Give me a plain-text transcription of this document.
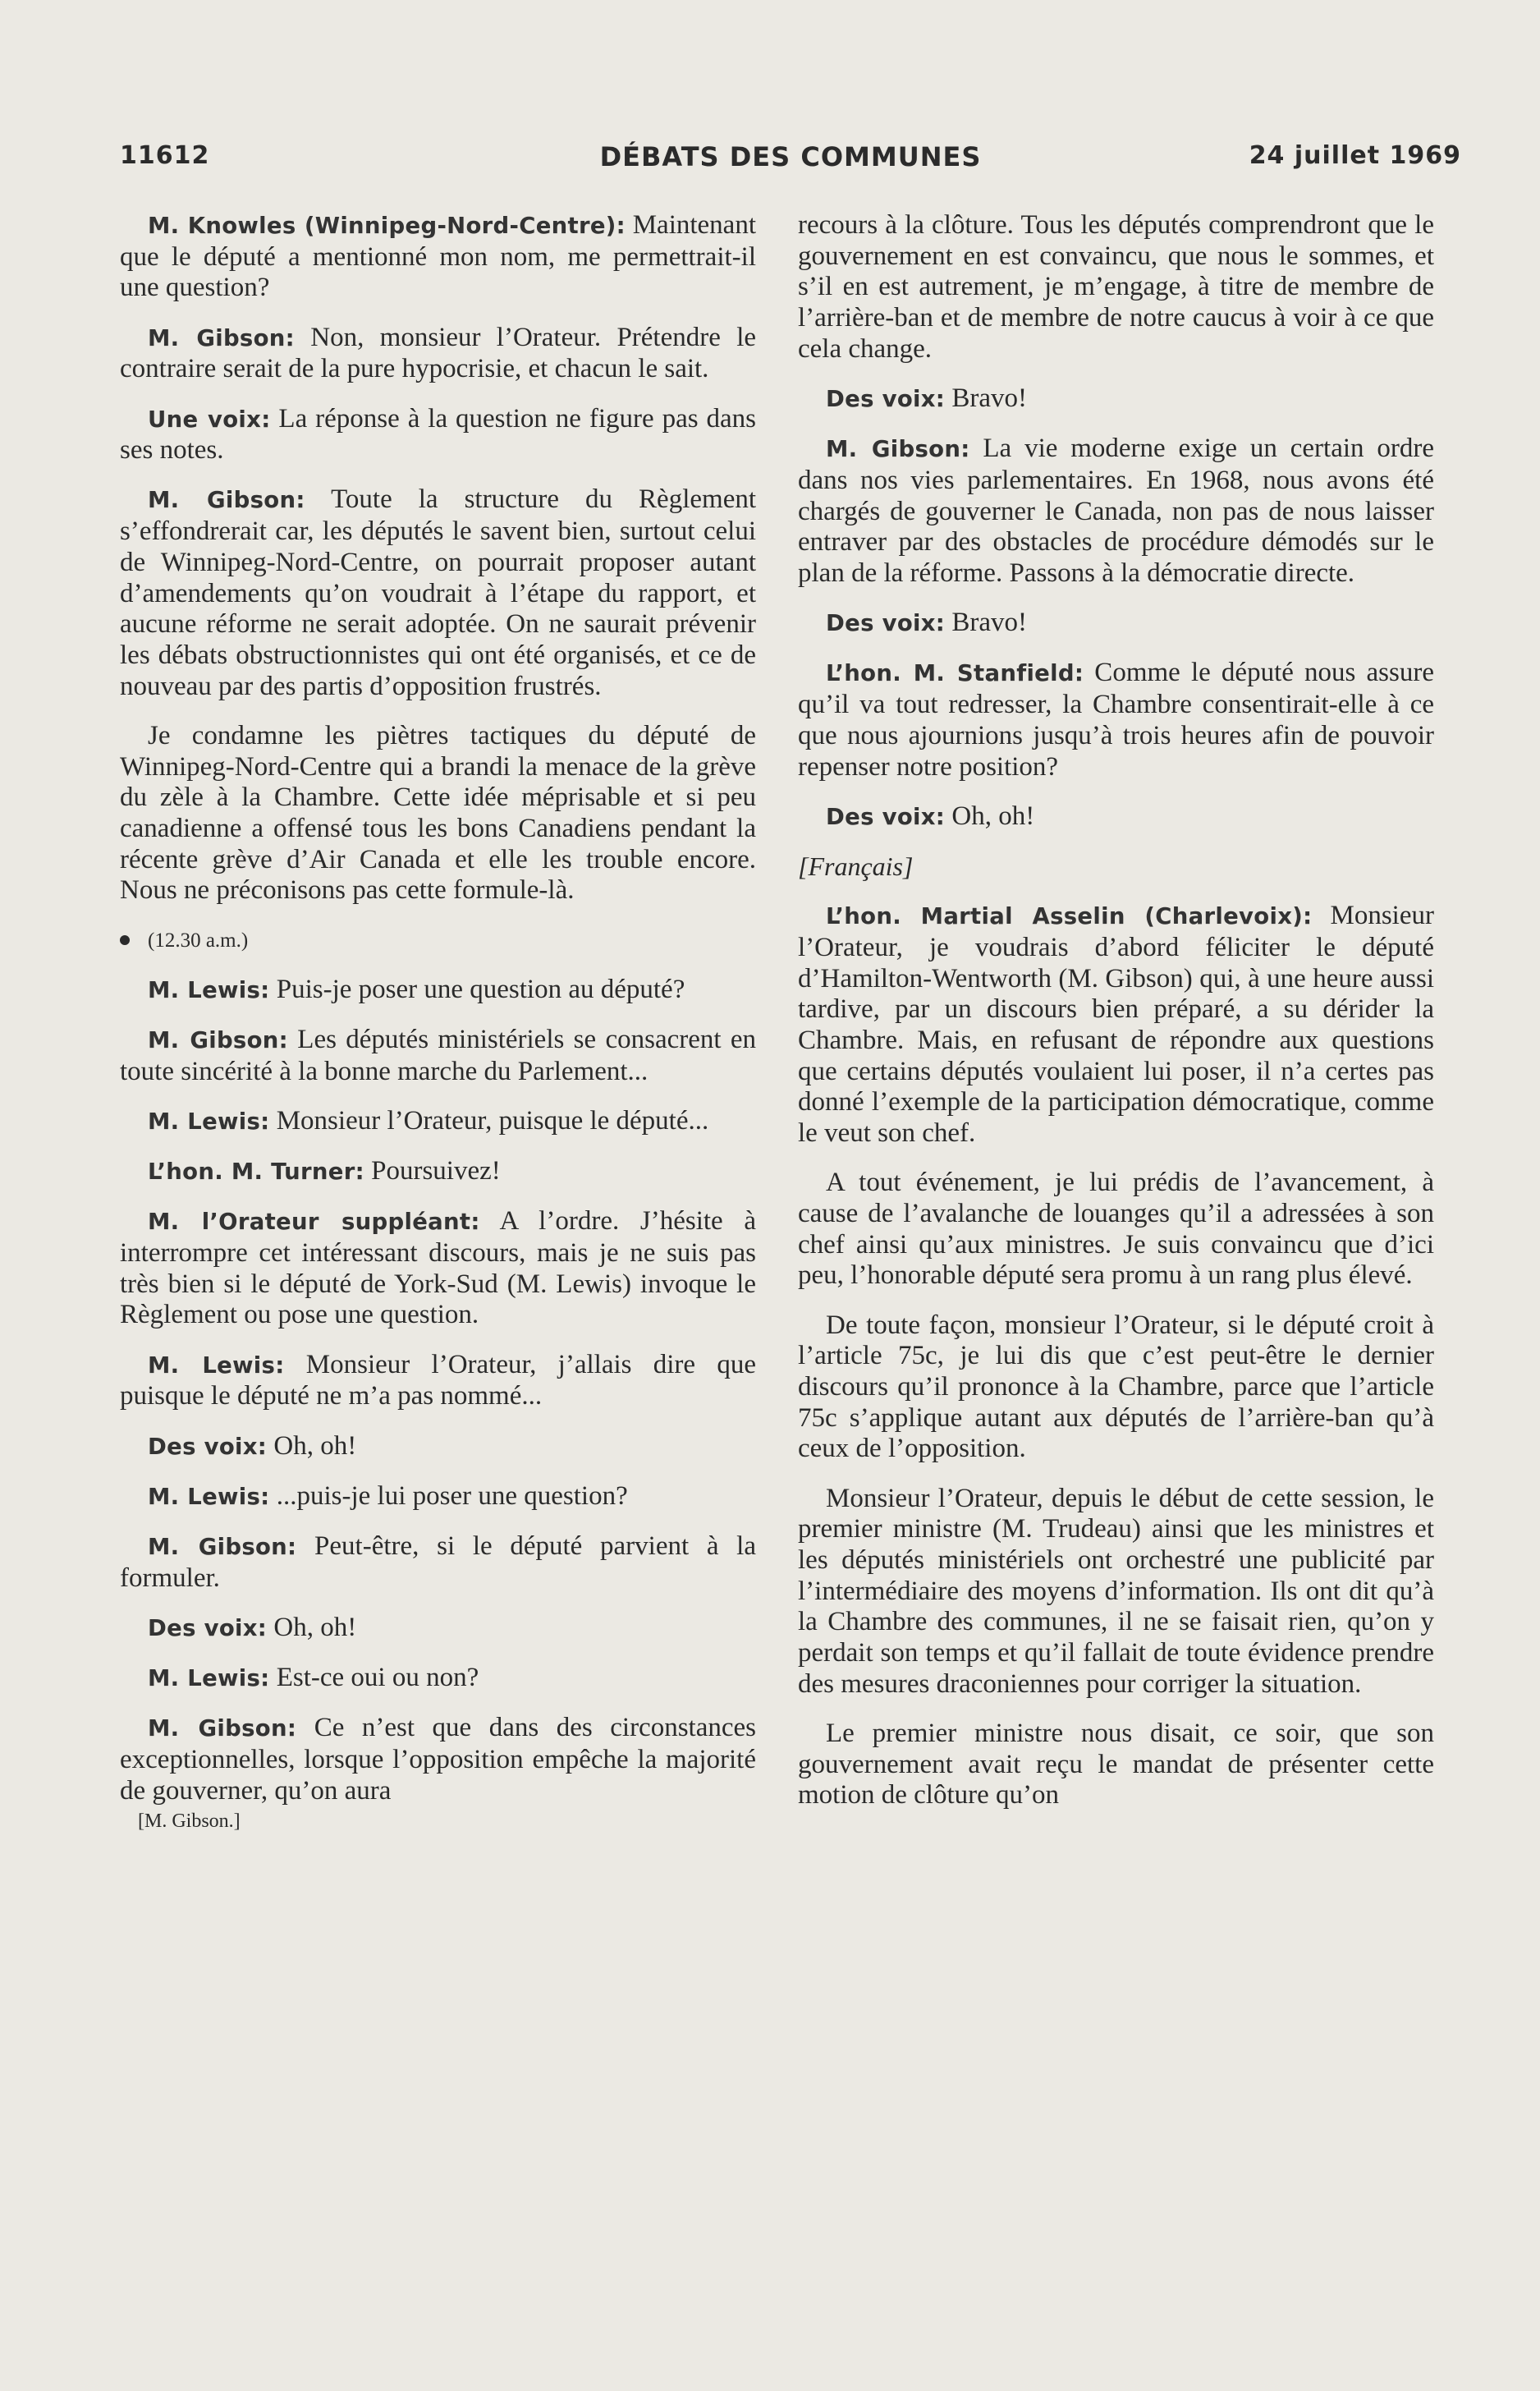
11612	DÉBATS DES COMMUNES	24 juillet 1969

M. Knowles (Winnipeg-Nord-Centre): Maintenant que le député a mentionné mon nom, me permettrait-il une question?

M. Gibson: Non, monsieur l’Orateur. Prétendre le contraire serait de la pure hypocrisie, et chacun le sait.

Une voix: La réponse à la question ne figure pas dans ses notes.

M. Gibson: Toute la structure du Règlement s’effondrerait car, les députés le savent bien, surtout celui de Winnipeg-Nord-Centre, on pourrait proposer autant d’amendements qu’on voudrait à l’étape du rapport, et aucune réforme ne serait adoptée. On ne saurait prévenir les débats obstructionnistes qui ont été organisés, et ce de nouveau par des partis d’opposition frustrés.

Je condamne les piètres tactiques du député de Winnipeg-Nord-Centre qui a brandi la menace de la grève du zèle à la Chambre. Cette idée méprisable et si peu canadienne a offensé tous les bons Canadiens pendant la récente grève d’Air Canada et elle les trouble encore. Nous ne préconisons pas cette formule-là.

(12.30 a.m.)

M. Lewis: Puis-je poser une question au député?

M. Gibson: Les députés ministériels se consacrent en toute sincérité à la bonne marche du Parlement...

M. Lewis: Monsieur l’Orateur, puisque le député...

L’hon. M. Turner: Poursuivez!

M. l’Orateur suppléant: A l’ordre. J’hésite à interrompre cet intéressant discours, mais je ne suis pas très bien si le député de York-Sud (M. Lewis) invoque le Règlement ou pose une question.

M. Lewis: Monsieur l’Orateur, j’allais dire que puisque le député ne m’a pas nommé...

Des voix: Oh, oh!

M. Lewis: ...puis-je lui poser une question?

M. Gibson: Peut-être, si le député parvient à la formuler.

Des voix: Oh, oh!

M. Lewis: Est-ce oui ou non?

M. Gibson: Ce n’est que dans des circonstances exceptionnelles, lorsque l’opposition empêche la majorité de gouverner, qu’on aura

[M. Gibson.]

recours à la clôture. Tous les députés comprendront que le gouvernement en est convaincu, que nous le sommes, et s’il en est autrement, je m’engage, à titre de membre de l’arrière-ban et de membre de notre caucus à voir à ce que cela change.

Des voix: Bravo!

M. Gibson: La vie moderne exige un certain ordre dans nos vies parlementaires. En 1968, nous avons été chargés de gouverner le Canada, non pas de nous laisser entraver par des obstacles de procédure démodés sur le plan de la réforme. Passons à la démocratie directe.

Des voix: Bravo!

L’hon. M. Stanfield: Comme le député nous assure qu’il va tout redresser, la Chambre consentirait-elle à ce que nous ajournions jusqu’à trois heures afin de pouvoir repenser notre position?

Des voix: Oh, oh!

[Français]

L’hon. Martial Asselin (Charlevoix): Monsieur l’Orateur, je voudrais d’abord féliciter le député d’Hamilton-Wentworth (M. Gibson) qui, à une heure aussi tardive, par un discours bien préparé, a su dérider la Chambre. Mais, en refusant de répondre aux questions que certains députés voulaient lui poser, il n’a certes pas donné l’exemple de la participation démocratique, comme le veut son chef.

A tout événement, je lui prédis de l’avancement, à cause de l’avalanche de louanges qu’il a adressées à son chef ainsi qu’aux ministres. Je suis convaincu que d’ici peu, l’honorable député sera promu à un rang plus élevé.

De toute façon, monsieur l’Orateur, si le député croit à l’article 75c, je lui dis que c’est peut-être le dernier discours qu’il prononce à la Chambre, parce que l’article 75c s’applique autant aux députés de l’arrière-ban qu’à ceux de l’opposition.

Monsieur l’Orateur, depuis le début de cette session, le premier ministre (M. Trudeau) ainsi que les ministres et les députés ministériels ont orchestré une publicité par l’intermédiaire des moyens d’information. Ils ont dit qu’à la Chambre des communes, il ne se faisait rien, qu’on y perdait son temps et qu’il fallait de toute évidence prendre des mesures draconiennes pour corriger la situation.

Le premier ministre nous disait, ce soir, que son gouvernement avait reçu le mandat de présenter cette motion de clôture qu’on
